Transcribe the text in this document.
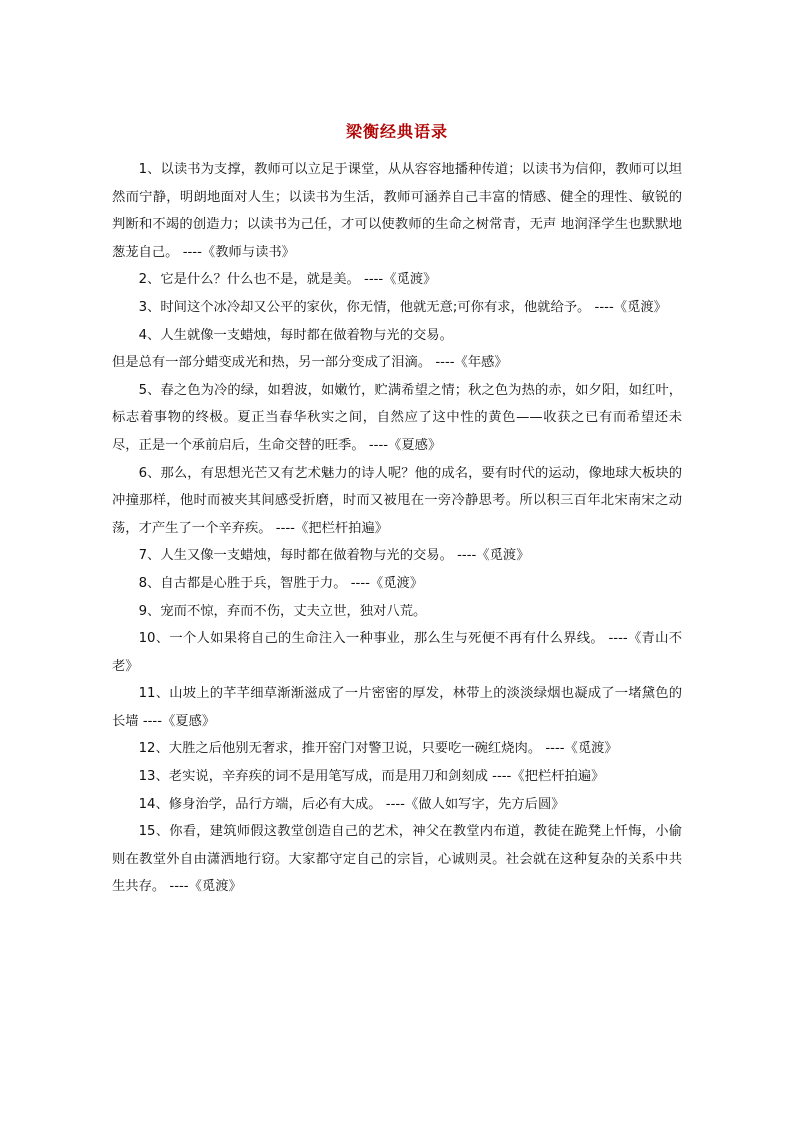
梁衡经典语录

1、以读书为支撑，教师可以立足于课堂，从从容容地播种传道；以读书为信仰，教师可以坦然而宁静，明朗地面对人生；以读书为生活，教师可涵养自己丰富的情感、健全的理性、敏锐的判断和不竭的创造力；以读书为己任，才可以使教师的生命之树常青，无声 地润泽学生也默默地葱茏自己。 ----《教师与读书》

2、它是什么？什么也不是，就是美。 ----《觅渡》

3、时间这个冰冷却又公平的家伙，你无情，他就无意;可你有求，他就给予。 ----《觅渡》

4、人生就像一支蜡烛，每时都在做着物与光的交易。

但是总有一部分蜡变成光和热，另一部分变成了泪滴。 ----《年感》

5、春之色为冷的绿，如碧波，如嫩竹，贮满希望之情；秋之色为热的赤，如夕阳，如红叶，标志着事物的终极。夏正当春华秋实之间，自然应了这中性的黄色——收获之已有而希望还未尽，正是一个承前启后，生命交替的旺季。 ----《夏感》

6、那么，有思想光芒又有艺术魅力的诗人呢？他的成名，要有时代的运动，像地球大板块的冲撞那样，他时而被夹其间感受折磨，时而又被甩在一旁冷静思考。所以积三百年北宋南宋之动荡，才产生了一个辛弃疾。 ----《把栏杆拍遍》

7、人生又像一支蜡烛，每时都在做着物与光的交易。 ----《觅渡》

8、自古都是心胜于兵，智胜于力。 ----《觅渡》

9、宠而不惊，弃而不伤，丈夫立世，独对八荒。

10、一个人如果将自己的生命注入一种事业，那么生与死便不再有什么界线。 ----《青山不老》

11、山坡上的芊芊细草渐渐滋成了一片密密的厚发，林带上的淡淡绿烟也凝成了一堵黛色的长墙 ----《夏感》

12、大胜之后他别无奢求，推开窑门对警卫说，只要吃一碗红烧肉。 ----《觅渡》

13、老实说，辛弃疾的词不是用笔写成，而是用刀和剑刻成 ----《把栏杆拍遍》

14、修身治学，品行方端，后必有大成。 ----《做人如写字，先方后圆》

15、你看，建筑师假这教堂创造自己的艺术，神父在教堂内布道，教徒在跪凳上忏悔，小偷则在教堂外自由潇洒地行窃。大家都守定自己的宗旨，心诚则灵。社会就在这种复杂的关系中共生共存。 ----《觅渡》
